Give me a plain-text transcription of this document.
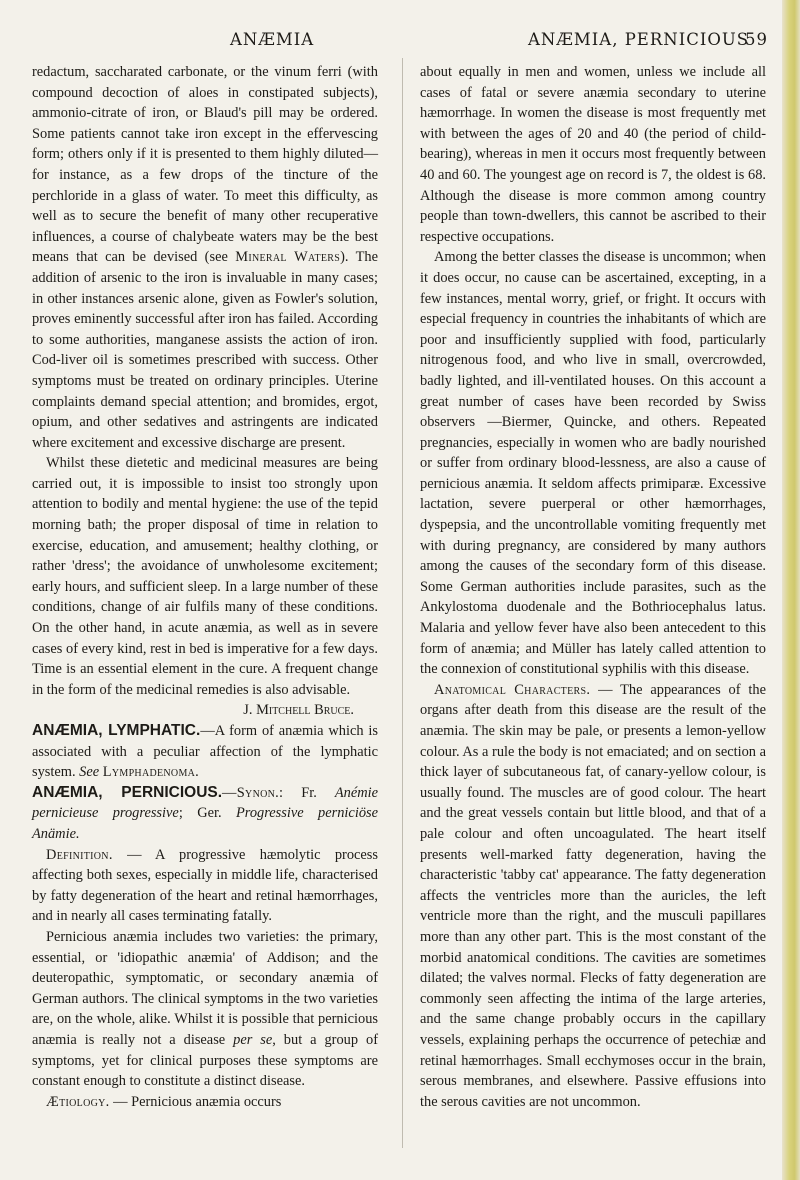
ANÆMIA	ANÆMIA, PERNICIOUS
59

redactum, saccharated carbonate, or the vinum ferri (with compound decoction of aloes in constipated subjects), ammonio-citrate of iron, or Blaud's pill may be ordered. Some patients cannot take iron except in the effervescing form; others only if it is presented to them highly diluted—for instance, as a few drops of the tincture of the perchloride in a glass of water. To meet this difficulty, as well as to secure the benefit of many other recuperative influences, a course of chalybeate waters may be the best means that can be devised (see Mineral Waters). The addition of arsenic to the iron is invaluable in many cases; in other instances arsenic alone, given as Fowler's solution, proves eminently successful after iron has failed. According to some authorities, manganese assists the action of iron. Cod-liver oil is sometimes prescribed with success. Other symptoms must be treated on ordinary principles. Uterine complaints demand special attention; and bromides, ergot, opium, and other sedatives and astringents are indicated where excitement and excessive discharge are present.

Whilst these dietetic and medicinal measures are being carried out, it is impossible to insist too strongly upon attention to bodily and mental hygiene: the use of the tepid morning bath; the proper disposal of time in relation to exercise, education, and amusement; healthy clothing, or rather 'dress'; the avoidance of unwholesome excitement; early hours, and sufficient sleep. In a large number of these conditions, change of air fulfils many of these conditions. On the other hand, in acute anæmia, as well as in severe cases of every kind, rest in bed is imperative for a few days. Time is an essential element in the cure. A frequent change in the form of the medicinal remedies is also advisable.

J. Mitchell Bruce.

ANÆMIA, LYMPHATIC.—A form of anæmia which is associated with a peculiar affection of the lymphatic system. See Lymphadenoma.

ANÆMIA, PERNICIOUS.—Synon.: Fr. Anémie pernicieuse progressive; Ger. Progressive perniciöse Anämie.

Definition. — A progressive hæmolytic process affecting both sexes, especially in middle life, characterised by fatty degeneration of the heart and retinal hæmorrhages, and in nearly all cases terminating fatally.

Pernicious anæmia includes two varieties: the primary, essential, or 'idiopathic anæmia' of Addison; and the deuteropathic, symptomatic, or secondary anæmia of German authors. The clinical symptoms in the two varieties are, on the whole, alike. Whilst it is possible that pernicious anæmia is really not a disease per se, but a group of symptoms, yet for clinical purposes these symptoms are constant enough to constitute a distinct disease.

Ætiology. — Pernicious anæmia occurs

about equally in men and women, unless we include all cases of fatal or severe anæmia secondary to uterine hæmorrhage. In women the disease is most frequently met with between the ages of 20 and 40 (the period of child-bearing), whereas in men it occurs most frequently between 40 and 60. The youngest age on record is 7, the oldest is 68. Although the disease is more common among country people than town-dwellers, this cannot be ascribed to their respective occupations.

Among the better classes the disease is uncommon; when it does occur, no cause can be ascertained, excepting, in a few instances, mental worry, grief, or fright. It occurs with especial frequency in countries the inhabitants of which are poor and insufficiently supplied with food, particularly nitrogenous food, and who live in small, overcrowded, badly lighted, and ill-ventilated houses. On this account a great number of cases have been recorded by Swiss observers —Biermer, Quincke, and others. Repeated pregnancies, especially in women who are badly nourished or suffer from ordinary blood-lessness, are also a cause of pernicious anæmia. It seldom affects primiparæ. Excessive lactation, severe puerperal or other hæmorrhages, dyspepsia, and the uncontrollable vomiting frequently met with during pregnancy, are considered by many authors among the causes of the secondary form of this disease. Some German authorities include parasites, such as the Ankylostoma duodenale and the Bothriocephalus latus. Malaria and yellow fever have also been antecedent to this form of anæmia; and Müller has lately called attention to the connexion of constitutional syphilis with this disease.

Anatomical Characters. — The appearances of the organs after death from this disease are the result of the anæmia. The skin may be pale, or presents a lemon-yellow colour. As a rule the body is not emaciated; and on section a thick layer of subcutaneous fat, of canary-yellow colour, is usually found. The muscles are of good colour. The heart and the great vessels contain but little blood, and that of a pale colour and often uncoagulated. The heart itself presents well-marked fatty degeneration, having the characteristic 'tabby cat' appearance. The fatty degeneration affects the ventricles more than the auricles, the left ventricle more than the right, and the musculi papillares more than any other part. This is the most constant of the morbid anatomical conditions. The cavities are sometimes dilated; the valves normal. Flecks of fatty degeneration are commonly seen affecting the intima of the large arteries, and the same change probably occurs in the capillary vessels, explaining perhaps the occurrence of petechiæ and retinal hæmorrhages. Small ecchymoses occur in the brain, serous membranes, and elsewhere. Passive effusions into the serous cavities are not uncommon.
